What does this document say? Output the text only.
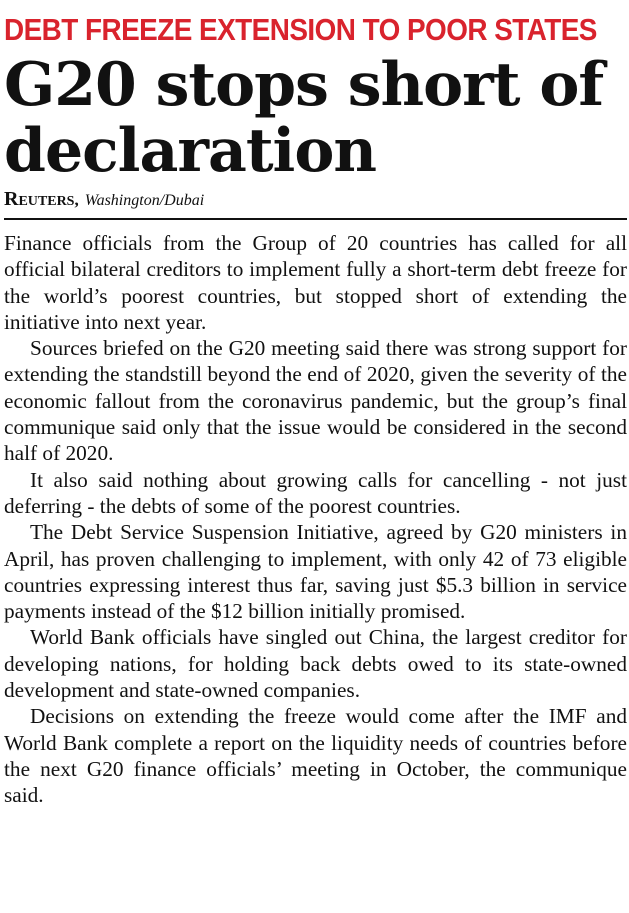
DEBT FREEZE EXTENSION TO POOR STATES
G20 stops short of declaration
Reuters, Washington/Dubai

Finance officials from the Group of 20 countries has called for all official bilateral creditors to implement fully a short-term debt freeze for the world’s poorest countries, but stopped short of extending the initiative into next year.

Sources briefed on the G20 meeting said there was strong support for extending the standstill beyond the end of 2020, given the severity of the economic fallout from the coronavirus pandemic, but the group’s final communique said only that the issue would be considered in the second half of 2020.

It also said nothing about growing calls for cancelling - not just deferring - the debts of some of the poorest countries.

The Debt Service Suspension Initiative, agreed by G20 ministers in April, has proven challenging to implement, with only 42 of 73 eligible countries expressing interest thus far, saving just $5.3 billion in service payments instead of the $12 billion initially promised.

World Bank officials have singled out China, the largest creditor for developing nations, for holding back debts owed to its state-owned development and state-owned companies.

Decisions on extending the freeze would come after the IMF and World Bank complete a report on the liquidity needs of countries before the next G20 finance officials’ meeting in October, the communique said.
